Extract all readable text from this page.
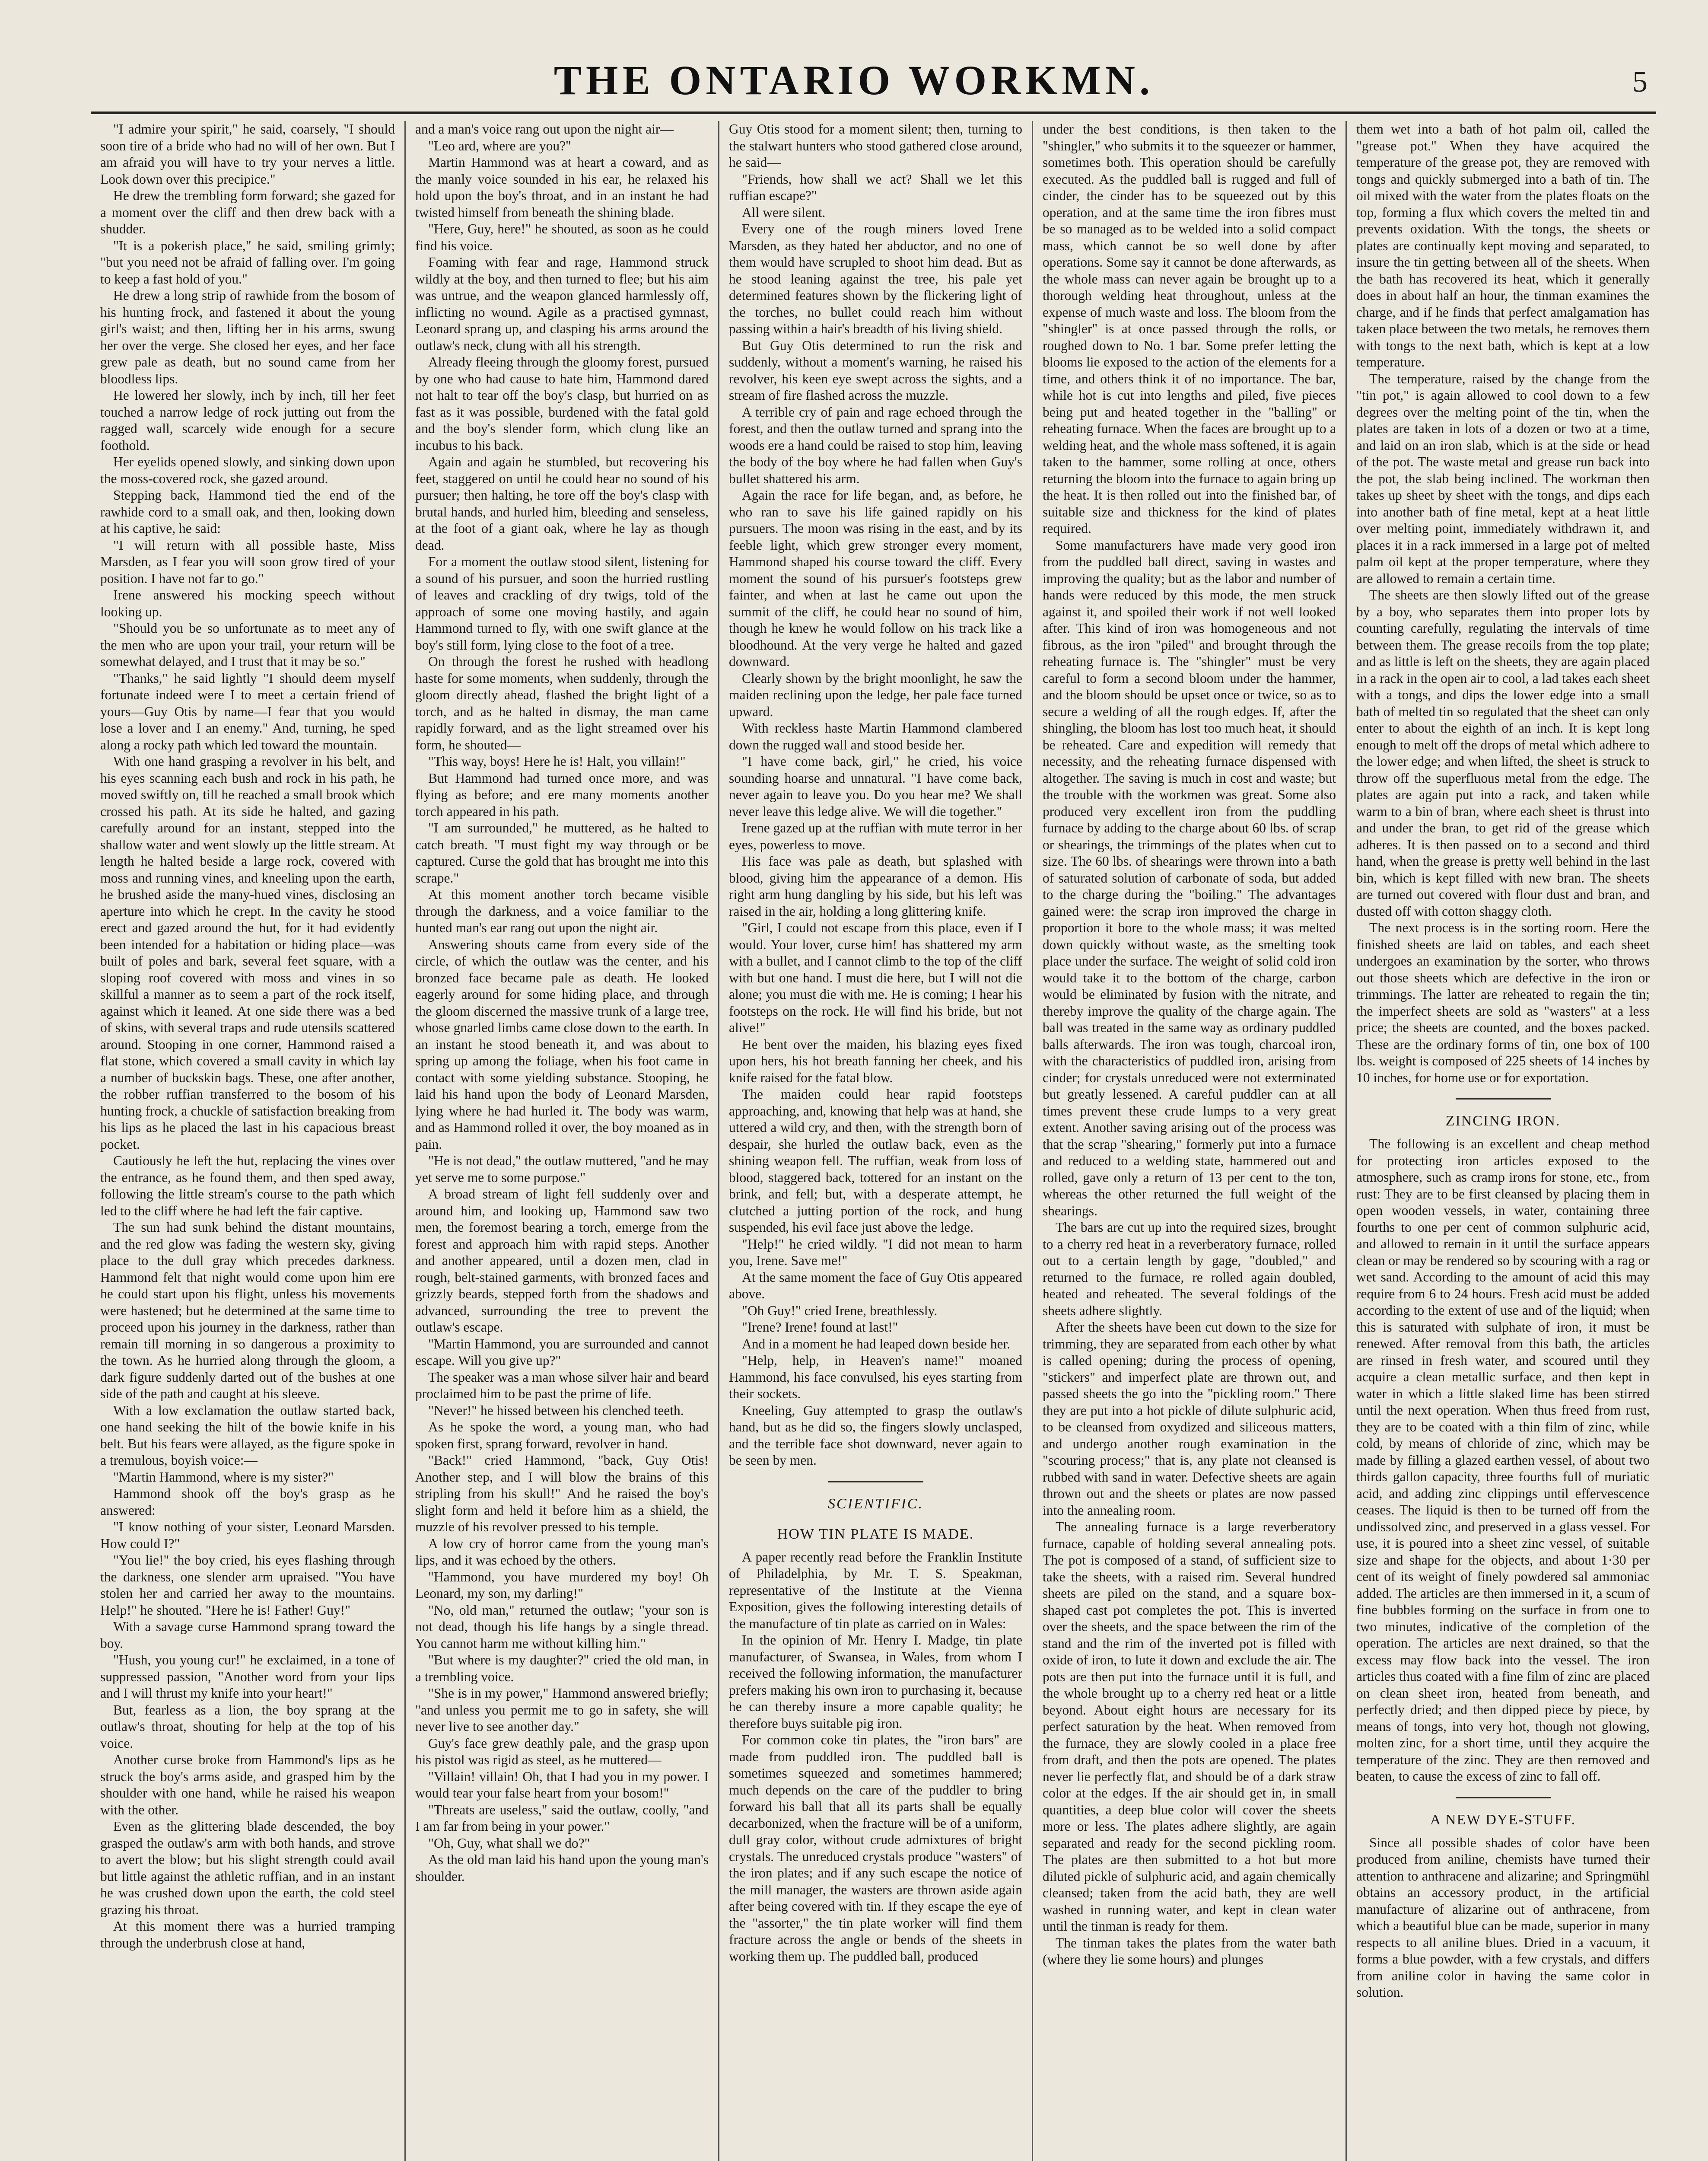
THE ONTARIO WORKMN.	5

"I admire your spirit," he said, coarsely, "I should soon tire of a bride who had no will of her own. But I am afraid you will have to try your nerves a little. Look down over this precipice."

He drew the trembling form forward; she gazed for a moment over the cliff and then drew back with a shudder.

"It is a pokerish place," he said, smiling grimly; "but you need not be afraid of falling over. I'm going to keep a fast hold of you."

He drew a long strip of rawhide from the bosom of his hunting frock, and fastened it about the young girl's waist; and then, lifting her in his arms, swung her over the verge. She closed her eyes, and her face grew pale as death, but no sound came from her bloodless lips.

He lowered her slowly, inch by inch, till her feet touched a narrow ledge of rock jutting out from the ragged wall, scarcely wide enough for a secure foothold.

Her eyelids opened slowly, and sinking down upon the moss-covered rock, she gazed around.

Stepping back, Hammond tied the end of the rawhide cord to a small oak, and then, looking down at his captive, he said:

"I will return with all possible haste, Miss Marsden, as I fear you will soon grow tired of your position. I have not far to go."

Irene answered his mocking speech without looking up.

"Should you be so unfortunate as to meet any of the men who are upon your trail, your return will be somewhat delayed, and I trust that it may be so."

"Thanks," he said lightly "I should deem myself fortunate indeed were I to meet a certain friend of yours—Guy Otis by name—I fear that you would lose a lover and I an enemy." And, turning, he sped along a rocky path which led toward the mountain.

With one hand grasping a revolver in his belt, and his eyes scanning each bush and rock in his path, he moved swiftly on, till he reached a small brook which crossed his path. At its side he halted, and gazing carefully around for an instant, stepped into the shallow water and went slowly up the little stream. At length he halted beside a large rock, covered with moss and running vines, and kneeling upon the earth, he brushed aside the many-hued vines, disclosing an aperture into which he crept. In the cavity he stood erect and gazed around the hut, for it had evidently been intended for a habitation or hiding place—was built of poles and bark, several feet square, with a sloping roof covered with moss and vines in so skillful a manner as to seem a part of the rock itself, against which it leaned. At one side there was a bed of skins, with several traps and rude utensils scattered around. Stooping in one corner, Hammond raised a flat stone, which covered a small cavity in which lay a number of buckskin bags. These, one after another, the robber ruffian transferred to the bosom of his hunting frock, a chuckle of satisfaction breaking from his lips as he placed the last in his capacious breast pocket.

Cautiously he left the hut, replacing the vines over the entrance, as he found them, and then sped away, following the little stream's course to the path which led to the cliff where he had left the fair captive.

The sun had sunk behind the distant mountains, and the red glow was fading the western sky, giving place to the dull gray which precedes darkness. Hammond felt that night would come upon him ere he could start upon his flight, unless his movements were hastened; but he determined at the same time to proceed upon his journey in the darkness, rather than remain till morning in so dangerous a proximity to the town. As he hurried along through the gloom, a dark figure suddenly darted out of the bushes at one side of the path and caught at his sleeve.

With a low exclamation the outlaw started back, one hand seeking the hilt of the bowie knife in his belt. But his fears were allayed, as the figure spoke in a tremulous, boyish voice:—

"Martin Hammond, where is my sister?"

Hammond shook off the boy's grasp as he answered:

"I know nothing of your sister, Leonard Marsden. How could I?"

"You lie!" the boy cried, his eyes flashing through the darkness, one slender arm upraised. "You have stolen her and carried her away to the mountains. Help!" he shouted. "Here he is! Father! Guy!"

With a savage curse Hammond sprang toward the boy.

"Hush, you young cur!" he exclaimed, in a tone of suppressed passion, "Another word from your lips and I will thrust my knife into your heart!"

But, fearless as a lion, the boy sprang at the outlaw's throat, shouting for help at the top of his voice.

Another curse broke from Hammond's lips as he struck the boy's arms aside, and grasped him by the shoulder with one hand, while he raised his weapon with the other.

Even as the glittering blade descended, the boy grasped the outlaw's arm with both hands, and strove to avert the blow; but his slight strength could avail but little against the athletic ruffian, and in an instant he was crushed down upon the earth, the cold steel grazing his throat.

At this moment there was a hurried tramping through the underbrush close at hand,

and a man's voice rang out upon the night air—

"Leo ard, where are you?"

Martin Hammond was at heart a coward, and as the manly voice sounded in his ear, he relaxed his hold upon the boy's throat, and in an instant he had twisted himself from beneath the shining blade.

"Here, Guy, here!" he shouted, as soon as he could find his voice.

Foaming with fear and rage, Hammond struck wildly at the boy, and then turned to flee; but his aim was untrue, and the weapon glanced harmlessly off, inflicting no wound. Agile as a practised gymnast, Leonard sprang up, and clasping his arms around the outlaw's neck, clung with all his strength.

Already fleeing through the gloomy forest, pursued by one who had cause to hate him, Hammond dared not halt to tear off the boy's clasp, but hurried on as fast as it was possible, burdened with the fatal gold and the boy's slender form, which clung like an incubus to his back.

Again and again he stumbled, but recovering his feet, staggered on until he could hear no sound of his pursuer; then halting, he tore off the boy's clasp with brutal hands, and hurled him, bleeding and senseless, at the foot of a giant oak, where he lay as though dead.

For a moment the outlaw stood silent, listening for a sound of his pursuer, and soon the hurried rustling of leaves and crackling of dry twigs, told of the approach of some one moving hastily, and again Hammond turned to fly, with one swift glance at the boy's still form, lying close to the foot of a tree.

On through the forest he rushed with headlong haste for some moments, when suddenly, through the gloom directly ahead, flashed the bright light of a torch, and as he halted in dismay, the man came rapidly forward, and as the light streamed over his form, he shouted—

"This way, boys! Here he is! Halt, you villain!"

But Hammond had turned once more, and was flying as before; and ere many moments another torch appeared in his path.

"I am surrounded," he muttered, as he halted to catch breath. "I must fight my way through or be captured. Curse the gold that has brought me into this scrape."

At this moment another torch became visible through the darkness, and a voice familiar to the hunted man's ear rang out upon the night air.

Answering shouts came from every side of the circle, of which the outlaw was the center, and his bronzed face became pale as death. He looked eagerly around for some hiding place, and through the gloom discerned the massive trunk of a large tree, whose gnarled limbs came close down to the earth. In an instant he stood beneath it, and was about to spring up among the foliage, when his foot came in contact with some yielding substance. Stooping, he laid his hand upon the body of Leonard Marsden, lying where he had hurled it. The body was warm, and as Hammond rolled it over, the boy moaned as in pain.

"He is not dead," the outlaw muttered, "and he may yet serve me to some purpose."

A broad stream of light fell suddenly over and around him, and looking up, Hammond saw two men, the foremost bearing a torch, emerge from the forest and approach him with rapid steps. Another and another appeared, until a dozen men, clad in rough, belt-stained garments, with bronzed faces and grizzly beards, stepped forth from the shadows and advanced, surrounding the tree to prevent the outlaw's escape.

"Martin Hammond, you are surrounded and cannot escape. Will you give up?"

The speaker was a man whose silver hair and beard proclaimed him to be past the prime of life.

"Never!" he hissed between his clenched teeth.

As he spoke the word, a young man, who had spoken first, sprang forward, revolver in hand.

"Back!" cried Hammond, "back, Guy Otis! Another step, and I will blow the brains of this stripling from his skull!" And he raised the boy's slight form and held it before him as a shield, the muzzle of his revolver pressed to his temple.

A low cry of horror came from the young man's lips, and it was echoed by the others.

"Hammond, you have murdered my boy! Oh Leonard, my son, my darling!"

"No, old man," returned the outlaw; "your son is not dead, though his life hangs by a single thread. You cannot harm me without killing him."

"But where is my daughter?" cried the old man, in a trembling voice.

"She is in my power," Hammond answered briefly; "and unless you permit me to go in safety, she will never live to see another day."

Guy's face grew deathly pale, and the grasp upon his pistol was rigid as steel, as he muttered—

"Villain! villain! Oh, that I had you in my power. I would tear your false heart from your bosom!"

"Threats are useless," said the outlaw, coolly, "and I am far from being in your power."

"Oh, Guy, what shall we do?"

As the old man laid his hand upon the young man's shoulder.

Guy Otis stood for a moment silent; then, turning to the stalwart hunters who stood gathered close around, he said—

"Friends, how shall we act? Shall we let this ruffian escape?"

All were silent.

Every one of the rough miners loved Irene Marsden, as they hated her abductor, and no one of them would have scrupled to shoot him dead. But as he stood leaning against the tree, his pale yet determined features shown by the flickering light of the torches, no bullet could reach him without passing within a hair's breadth of his living shield.

But Guy Otis determined to run the risk and suddenly, without a moment's warning, he raised his revolver, his keen eye swept across the sights, and a stream of fire flashed across the muzzle.

A terrible cry of pain and rage echoed through the forest, and then the outlaw turned and sprang into the woods ere a hand could be raised to stop him, leaving the body of the boy where he had fallen when Guy's bullet shattered his arm.

Again the race for life began, and, as before, he who ran to save his life gained rapidly on his pursuers. The moon was rising in the east, and by its feeble light, which grew stronger every moment, Hammond shaped his course toward the cliff. Every moment the sound of his pursuer's footsteps grew fainter, and when at last he came out upon the summit of the cliff, he could hear no sound of him, though he knew he would follow on his track like a bloodhound. At the very verge he halted and gazed downward.

Clearly shown by the bright moonlight, he saw the maiden reclining upon the ledge, her pale face turned upward.

With reckless haste Martin Hammond clambered down the rugged wall and stood beside her.

"I have come back, girl," he cried, his voice sounding hoarse and unnatural. "I have come back, never again to leave you. Do you hear me? We shall never leave this ledge alive. We will die together."

Irene gazed up at the ruffian with mute terror in her eyes, powerless to move.

His face was pale as death, but splashed with blood, giving him the appearance of a demon. His right arm hung dangling by his side, but his left was raised in the air, holding a long glittering knife.

"Girl, I could not escape from this place, even if I would. Your lover, curse him! has shattered my arm with a bullet, and I cannot climb to the top of the cliff with but one hand. I must die here, but I will not die alone; you must die with me. He is coming; I hear his footsteps on the rock. He will find his bride, but not alive!"

He bent over the maiden, his blazing eyes fixed upon hers, his hot breath fanning her cheek, and his knife raised for the fatal blow.

The maiden could hear rapid footsteps approaching, and, knowing that help was at hand, she uttered a wild cry, and then, with the strength born of despair, she hurled the outlaw back, even as the shining weapon fell. The ruffian, weak from loss of blood, staggered back, tottered for an instant on the brink, and fell; but, with a desperate attempt, he clutched a jutting portion of the rock, and hung suspended, his evil face just above the ledge.

"Help!" he cried wildly. "I did not mean to harm you, Irene. Save me!"

At the same moment the face of Guy Otis appeared above.

"Oh Guy!" cried Irene, breathlessly.

"Irene? Irene! found at last!"

And in a moment he had leaped down beside her.

"Help, help, in Heaven's name!" moaned Hammond, his face convulsed, his eyes starting from their sockets.

Kneeling, Guy attempted to grasp the outlaw's hand, but as he did so, the fingers slowly unclasped, and the terrible face shot downward, never again to be seen by men.

SCIENTIFIC.
HOW TIN PLATE IS MADE.

A paper recently read before the Franklin Institute of Philadelphia, by Mr. T. S. Speakman, representative of the Institute at the Vienna Exposition, gives the following interesting details of the manufacture of tin plate as carried on in Wales:

In the opinion of Mr. Henry I. Madge, tin plate manufacturer, of Swansea, in Wales, from whom I received the following information, the manufacturer prefers making his own iron to purchasing it, because he can thereby insure a more capable quality; he therefore buys suitable pig iron.

For common coke tin plates, the "iron bars" are made from puddled iron. The puddled ball is sometimes squeezed and sometimes hammered; much depends on the care of the puddler to bring forward his ball that all its parts shall be equally decarbonized, when the fracture will be of a uniform, dull gray color, without crude admixtures of bright crystals. The unreduced crystals produce "wasters" of the iron plates; and if any such escape the notice of the mill manager, the wasters are thrown aside again after being covered with tin. If they escape the eye of the "assorter," the tin plate worker will find them fracture across the angle or bends of the sheets in working them up. The puddled ball, produced

under the best conditions, is then taken to the "shingler," who submits it to the squeezer or hammer, sometimes both. This operation should be carefully executed. As the puddled ball is rugged and full of cinder, the cinder has to be squeezed out by this operation, and at the same time the iron fibres must be so managed as to be welded into a solid compact mass, which cannot be so well done by after operations. Some say it cannot be done afterwards, as the whole mass can never again be brought up to a thorough welding heat throughout, unless at the expense of much waste and loss. The bloom from the "shingler" is at once passed through the rolls, or roughed down to No. 1 bar. Some prefer letting the blooms lie exposed to the action of the elements for a time, and others think it of no importance. The bar, while hot is cut into lengths and piled, five pieces being put and heated together in the "balling" or reheating furnace. When the faces are brought up to a welding heat, and the whole mass softened, it is again taken to the hammer, some rolling at once, others returning the bloom into the furnace to again bring up the heat. It is then rolled out into the finished bar, of suitable size and thickness for the kind of plates required.

Some manufacturers have made very good iron from the puddled ball direct, saving in wastes and improving the quality; but as the labor and number of hands were reduced by this mode, the men struck against it, and spoiled their work if not well looked after. This kind of iron was homogeneous and not fibrous, as the iron "piled" and brought through the reheating furnace is. The "shingler" must be very careful to form a second bloom under the hammer, and the bloom should be upset once or twice, so as to secure a welding of all the rough edges. If, after the shingling, the bloom has lost too much heat, it should be reheated. Care and expedition will remedy that necessity, and the reheating furnace dispensed with altogether. The saving is much in cost and waste; but the trouble with the workmen was great. Some also produced very excellent iron from the puddling furnace by adding to the charge about 60 lbs. of scrap or shearings, the trimmings of the plates when cut to size. The 60 lbs. of shearings were thrown into a bath of saturated solution of carbonate of soda, but added to the charge during the "boiling." The advantages gained were: the scrap iron improved the charge in proportion it bore to the whole mass; it was melted down quickly without waste, as the smelting took place under the surface. The weight of solid cold iron would take it to the bottom of the charge, carbon would be eliminated by fusion with the nitrate, and thereby improve the quality of the charge again. The ball was treated in the same way as ordinary puddled balls afterwards. The iron was tough, charcoal iron, with the characteristics of puddled iron, arising from cinder; for crystals unreduced were not exterminated but greatly lessened. A careful puddler can at all times prevent these crude lumps to a very great extent. Another saving arising out of the process was that the scrap "shearing," formerly put into a furnace and reduced to a welding state, hammered out and rolled, gave only a return of 13 per cent to the ton, whereas the other returned the full weight of the shearings.

The bars are cut up into the required sizes, brought to a cherry red heat in a reverberatory furnace, rolled out to a certain length by gage, "doubled," and returned to the furnace, re rolled again doubled, heated and reheated. The several foldings of the sheets adhere slightly.

After the sheets have been cut down to the size for trimming, they are separated from each other by what is called opening; during the process of opening, "stickers" and imperfect plate are thrown out, and passed sheets the go into the "pickling room." There they are put into a hot pickle of dilute sulphuric acid, to be cleansed from oxydized and siliceous matters, and undergo another rough examination in the "scouring process;" that is, any plate not cleansed is rubbed with sand in water. Defective sheets are again thrown out and the sheets or plates are now passed into the annealing room.

The annealing furnace is a large reverberatory furnace, capable of holding several annealing pots. The pot is composed of a stand, of sufficient size to take the sheets, with a raised rim. Several hundred sheets are piled on the stand, and a square box-shaped cast pot completes the pot. This is inverted over the sheets, and the space between the rim of the stand and the rim of the inverted pot is filled with oxide of iron, to lute it down and exclude the air. The pots are then put into the furnace until it is full, and the whole brought up to a cherry red heat or a little beyond. About eight hours are necessary for its perfect saturation by the heat. When removed from the furnace, they are slowly cooled in a place free from draft, and then the pots are opened. The plates never lie perfectly flat, and should be of a dark straw color at the edges. If the air should get in, in small quantities, a deep blue color will cover the sheets more or less. The plates adhere slightly, are again separated and ready for the second pickling room. The plates are then submitted to a hot but more diluted pickle of sulphuric acid, and again chemically cleansed; taken from the acid bath, they are well washed in running water, and kept in clean water until the tinman is ready for them.

The tinman takes the plates from the water bath (where they lie some hours) and plunges

them wet into a bath of hot palm oil, called the "grease pot." When they have acquired the temperature of the grease pot, they are removed with tongs and quickly submerged into a bath of tin. The oil mixed with the water from the plates floats on the top, forming a flux which covers the melted tin and prevents oxidation. With the tongs, the sheets or plates are continually kept moving and separated, to insure the tin getting between all of the sheets. When the bath has recovered its heat, which it generally does in about half an hour, the tinman examines the charge, and if he finds that perfect amalgamation has taken place between the two metals, he removes them with tongs to the next bath, which is kept at a low temperature.

The temperature, raised by the change from the "tin pot," is again allowed to cool down to a few degrees over the melting point of the tin, when the plates are taken in lots of a dozen or two at a time, and laid on an iron slab, which is at the side or head of the pot. The waste metal and grease run back into the pot, the slab being inclined. The workman then takes up sheet by sheet with the tongs, and dips each into another bath of fine metal, kept at a heat little over melting point, immediately withdrawn it, and places it in a rack immersed in a large pot of melted palm oil kept at the proper temperature, where they are allowed to remain a certain time.

The sheets are then slowly lifted out of the grease by a boy, who separates them into proper lots by counting carefully, regulating the intervals of time between them. The grease recoils from the top plate; and as little is left on the sheets, they are again placed in a rack in the open air to cool, a lad takes each sheet with a tongs, and dips the lower edge into a small bath of melted tin so regulated that the sheet can only enter to about the eighth of an inch. It is kept long enough to melt off the drops of metal which adhere to the lower edge; and when lifted, the sheet is struck to throw off the superfluous metal from the edge. The plates are again put into a rack, and taken while warm to a bin of bran, where each sheet is thrust into and under the bran, to get rid of the grease which adheres. It is then passed on to a second and third hand, when the grease is pretty well behind in the last bin, which is kept filled with new bran. The sheets are turned out covered with flour dust and bran, and dusted off with cotton shaggy cloth.

The next process is in the sorting room. Here the finished sheets are laid on tables, and each sheet undergoes an examination by the sorter, who throws out those sheets which are defective in the iron or trimmings. The latter are reheated to regain the tin; the imperfect sheets are sold as "wasters" at a less price; the sheets are counted, and the boxes packed. These are the ordinary forms of tin, one box of 100 lbs. weight is composed of 225 sheets of 14 inches by 10 inches, for home use or for exportation.

ZINCING IRON.

The following is an excellent and cheap method for protecting iron articles exposed to the atmosphere, such as cramp irons for stone, etc., from rust: They are to be first cleansed by placing them in open wooden vessels, in water, containing three fourths to one per cent of common sulphuric acid, and allowed to remain in it until the surface appears clean or may be rendered so by scouring with a rag or wet sand. According to the amount of acid this may require from 6 to 24 hours. Fresh acid must be added according to the extent of use and of the liquid; when this is saturated with sulphate of iron, it must be renewed. After removal from this bath, the articles are rinsed in fresh water, and scoured until they acquire a clean metallic surface, and then kept in water in which a little slaked lime has been stirred until the next operation. When thus freed from rust, they are to be coated with a thin film of zinc, while cold, by means of chloride of zinc, which may be made by filling a glazed earthen vessel, of about two thirds gallon capacity, three fourths full of muriatic acid, and adding zinc clippings until effervescence ceases. The liquid is then to be turned off from the undissolved zinc, and preserved in a glass vessel. For use, it is poured into a sheet zinc vessel, of suitable size and shape for the objects, and about 1·30 per cent of its weight of finely powdered sal ammoniac added. The articles are then immersed in it, a scum of fine bubbles forming on the surface in from one to two minutes, indicative of the completion of the operation. The articles are next drained, so that the excess may flow back into the vessel. The iron articles thus coated with a fine film of zinc are placed on clean sheet iron, heated from beneath, and perfectly dried; and then dipped piece by piece, by means of tongs, into very hot, though not glowing, molten zinc, for a short time, until they acquire the temperature of the zinc. They are then removed and beaten, to cause the excess of zinc to fall off.

A NEW DYE-STUFF.

Since all possible shades of color have been produced from aniline, chemists have turned their attention to anthracene and alizarine; and Springmühl obtains an accessory product, in the artificial manufacture of alizarine out of anthracene, from which a beautiful blue can be made, superior in many respects to all aniline blues. Dried in a vacuum, it forms a blue powder, with a few crystals, and differs from aniline color in having the same color in solution.
